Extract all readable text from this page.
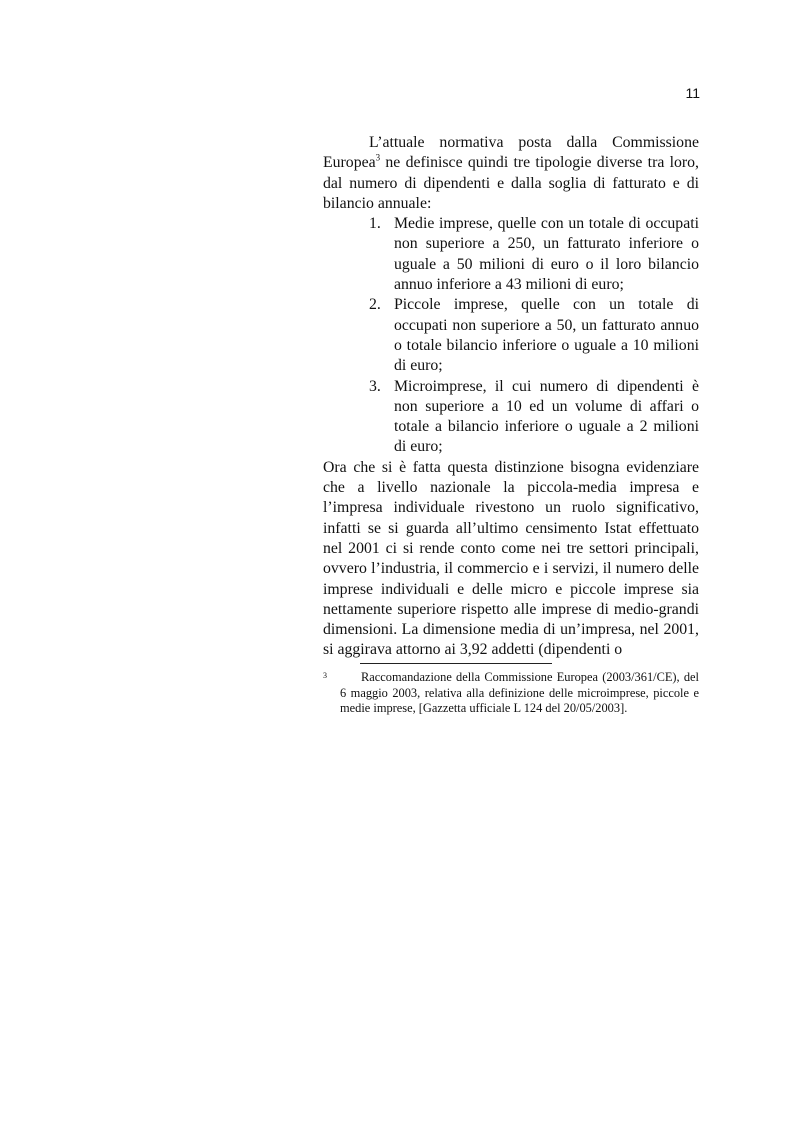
11

L’attuale normativa posta dalla Commissione Europea$^3$ ne definisce quindi tre tipologie diverse tra loro, dal numero di dipendenti e dalla soglia di fatturato e di bilancio annuale:

1. Medie imprese, quelle con un totale di occupati non superiore a 250, un fatturato inferiore o uguale a 50 milioni di euro o il loro bilancio annuo inferiore a 43 milioni di euro;
2. Piccole imprese, quelle con un totale di occupati non superiore a 50, un fatturato annuo o totale bilancio inferiore o uguale a 10 milioni di euro;
3. Microimprese, il cui numero di dipendenti è non superiore a 10 ed un volume di affari o totale a bilancio inferiore o uguale a 2 milioni di euro;

Ora che si è fatta questa distinzione bisogna evidenziare che a livello nazionale la piccola-media impresa e l’impresa individuale rivestono un ruolo significativo, infatti se si guarda all’ultimo censimento Istat effettuato nel 2001 ci si rende conto come nei tre settori principali, ovvero l’industria, il commercio e i servizi, il numero delle imprese individuali e delle micro e piccole imprese sia nettamente superiore rispetto alle imprese di medio-grandi dimensioni. La dimensione media di un’impresa, nel 2001, si aggirava attorno ai 3,92 addetti (dipendenti o

3	Raccomandazione della Commissione Europea (2003/361/CE), del 6 maggio 2003, relativa alla definizione delle microimprese, piccole e medie imprese, [Gazzetta ufficiale L 124 del 20/05/2003].
